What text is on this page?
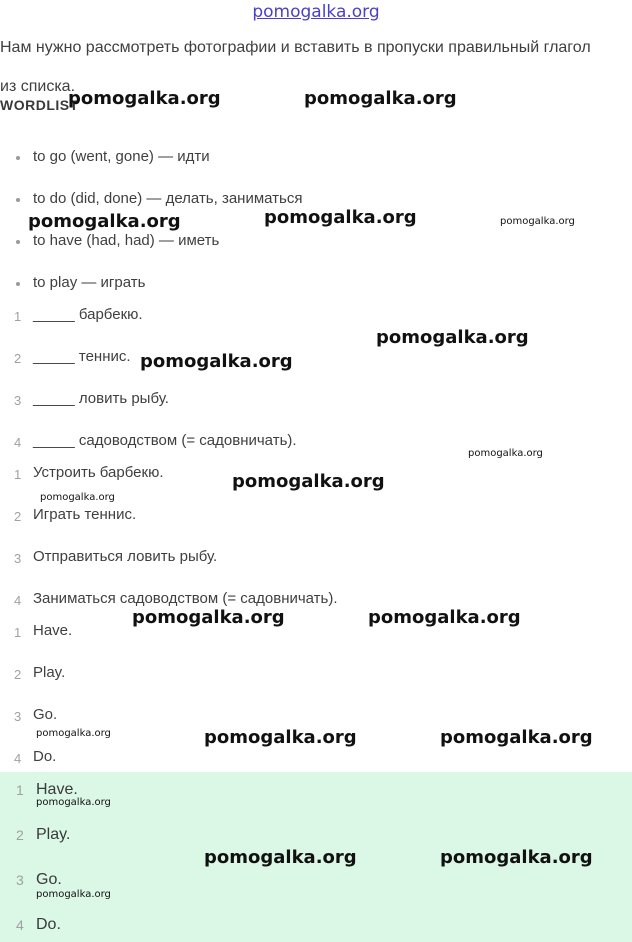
pomogalka.org
Нам нужно рассмотреть фотографии и вставить в пропуски правильный глагол из списка.
WORDLIST
to go (went, gone) — идти
to do (did, done) — делать, заниматься
to have (had, had) — иметь
to play — играть
1 _____ барбекю.
2 _____ теннис.
3 _____ ловить рыбу.
4 _____ садоводством (= садовничать).
1 Устроить барбекю.
2 Играть теннис.
3 Отправиться ловить рыбу.
4 Заниматься садоводством (= садовничать).
1 Have.
2 Play.
3 Go.
4 Do.
1 Have.
2 Play.
3 Go.
4 Do.
pomogalka.org	pomogalka.org
pomogalka.org	pomogalka.org	pomogalka.org
pomogalka.org
pomogalka.org
pomogalka.org
pomogalka.org
pomogalka.org
pomogalka.org	pomogalka.org
pomogalka.org	pomogalka.org	pomogalka.org
pomogalka.org
pomogalka.org	pomogalka.org
pomogalka.org
